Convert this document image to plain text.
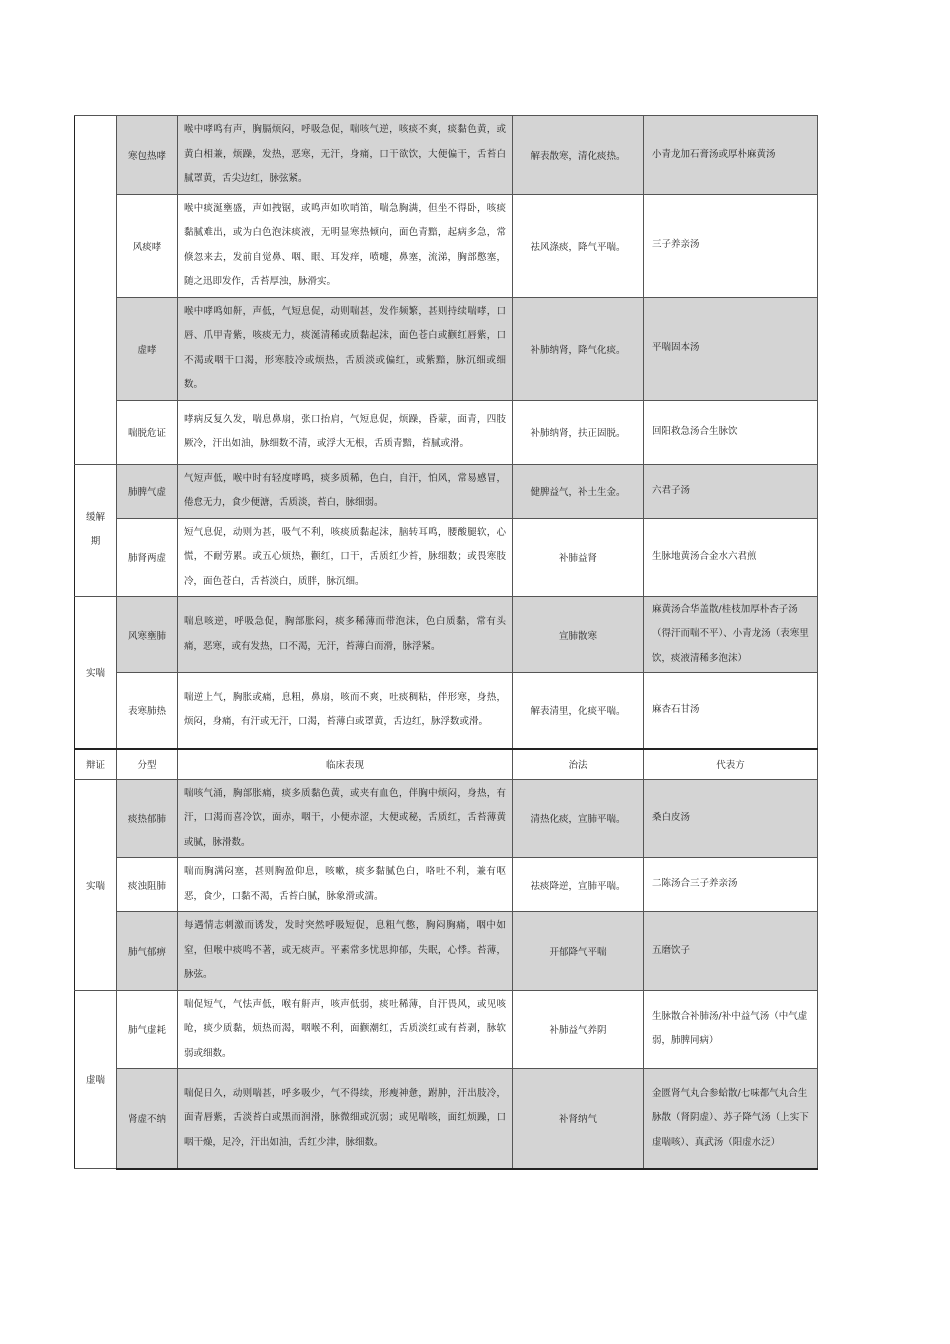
	寒包热哮	喉中哮鸣有声，胸膈烦闷，呼吸急促，喘咳气逆，咳痰不爽，痰黏色黄，或黄白相兼，烦躁，发热，恶寒，无汗，身痛，口干欲饮，大便偏干，舌苔白腻罩黄，舌尖边红，脉弦紧。	解表散寒，清化痰热。	小青龙加石膏汤或厚朴麻黄汤
	风痰哮	喉中痰涎壅盛，声如拽锯，或鸣声如吹哨笛，喘急胸满，但坐不得卧，咳痰黏腻难出，或为白色泡沫痰液，无明显寒热倾向，面色青黯，起病多急，常倏忽来去，发前自觉鼻、咽、眼、耳发痒，喷嚏，鼻塞，流涕，胸部憋塞，随之迅即发作，舌苔厚浊，脉滑实。	祛风涤痰，降气平喘。	三子养亲汤
	虚哮	喉中哮鸣如鼾，声低，气短息促，动则喘甚，发作频繁，甚则持续喘哮，口唇、爪甲青紫，咳痰无力，痰涎清稀或质黏起沫，面色苍白或颧红唇紫，口不渴或咽干口渴，形寒肢冷或烦热，舌质淡或偏红，或紫黯，脉沉细或细数。	补肺纳肾，降气化痰。	平喘固本汤
	喘脱危证	哮病反复久发，喘息鼻扇，张口抬肩，气短息促，烦躁，昏蒙，面青，四肢厥冷，汗出如油，脉细数不清，或浮大无根，舌质青黯，苔腻或滑。	补肺纳肾，扶正固脱。	回阳救急汤合生脉饮
缓解期	肺脾气虚	气短声低，喉中时有轻度哮鸣，痰多质稀，色白，自汗，怕风，常易感冒，倦怠无力，食少便溏，舌质淡，苔白，脉细弱。	健脾益气，补土生金。	六君子汤
	肺肾两虚	短气息促，动则为甚，吸气不利，咳痰质黏起沫，脑转耳鸣，腰酸腿软，心慌，不耐劳累。或五心烦热，颧红，口干，舌质红少苔，脉细数；或畏寒肢冷，面色苍白，舌苔淡白，质胖，脉沉细。	补肺益肾	生脉地黄汤合金水六君煎
实喘	风寒壅肺	喘息咳逆，呼吸急促，胸部胀闷，痰多稀薄而带泡沫，色白质黏，常有头痛，恶寒，或有发热，口不渴，无汗，苔薄白而滑，脉浮紧。	宣肺散寒	麻黄汤合华盖散/桂枝加厚朴杏子汤（得汗而喘不平）、小青龙汤（表寒里饮，痰液清稀多泡沫）
	表寒肺热	喘逆上气，胸胀或痛，息粗，鼻扇，咳而不爽，吐痰稠粘，伴形寒，身热，烦闷，身痛，有汗或无汗，口渴，苔薄白或罩黄，舌边红，脉浮数或滑。	解表清里，化痰平喘。	麻杏石甘汤
辩证	分型	临床表现	治法	代表方
实喘	痰热郁肺	喘咳气涌，胸部胀痛，痰多质黏色黄，或夹有血色，伴胸中烦闷，身热，有汗，口渴而喜冷饮，面赤，咽干，小便赤涩，大便或秘，舌质红，舌苔薄黄或腻，脉滑数。	清热化痰，宣肺平喘。	桑白皮汤
	痰浊阻肺	喘而胸满闷塞，甚则胸盈仰息，咳嗽，痰多黏腻色白，咯吐不利，兼有呕恶，食少，口黏不渴，舌苔白腻，脉象滑或濡。	祛痰降逆，宣肺平喘。	二陈汤合三子养亲汤
	肺气郁痹	每遇情志刺激而诱发，发时突然呼吸短促，息粗气憋，胸闷胸痛，咽中如窒，但喉中痰鸣不著，或无痰声。平素常多忧思抑郁，失眠，心悸。苔薄，脉弦。	开郁降气平喘	五磨饮子
虚喘	肺气虚耗	喘促短气，气怯声低，喉有鼾声，咳声低弱，痰吐稀薄，自汗畏风，或见咳呛，痰少质黏，烦热而渴，咽喉不利，面颧潮红，舌质淡红或有苔剥，脉软弱或细数。	补肺益气养阴	生脉散合补肺汤/补中益气汤（中气虚弱，肺脾同病）
	肾虚不纳	喘促日久，动则喘甚，呼多吸少，气不得续，形瘦神惫，跗肿，汗出肢冷，面青唇紫，舌淡苔白或黑而润滑，脉微细或沉弱；或见喘咳，面红烦躁，口咽干燥，足冷，汗出如油，舌红少津，脉细数。	补肾纳气	金匮肾气丸合参蛤散/七味都气丸合生脉散（肾阴虚）、苏子降气汤（上实下虚喘咳）、真武汤（阳虚水泛）
